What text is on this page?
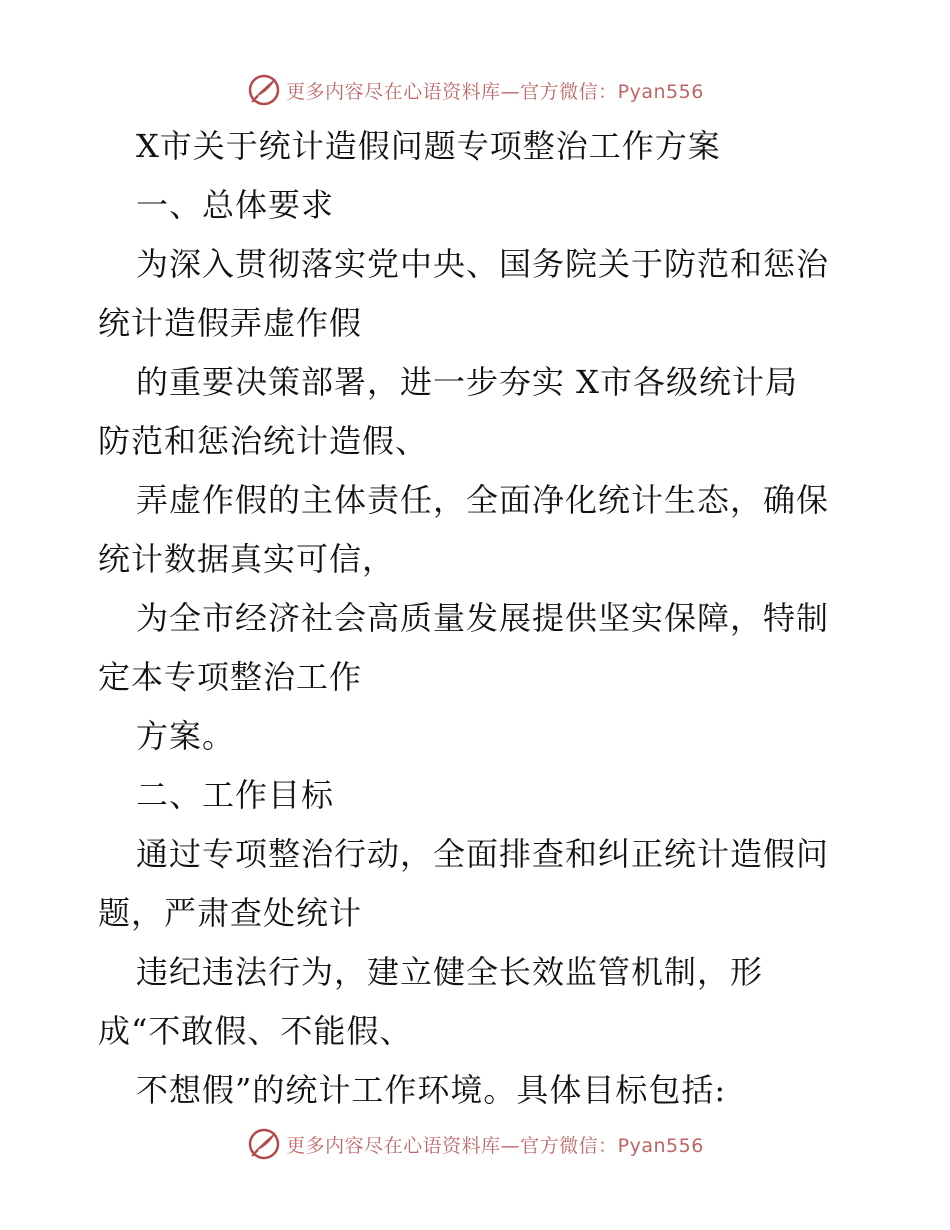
更多内容尽在心语资料库—官方微信：Pyan556
X市关于统计造假问题专项整治工作方案
一、总体要求
为深入贯彻落实党中央、国务院关于防范和惩治
统计造假弄虚作假
的重要决策部署，进一步夯实 X市各级统计局
防范和惩治统计造假、
弄虚作假的主体责任，全面净化统计生态，确保
统计数据真实可信，
为全市经济社会高质量发展提供坚实保障，特制
定本专项整治工作
方案。
二、工作目标
通过专项整治行动，全面排查和纠正统计造假问
题，严肃查处统计
违纪违法行为，建立健全长效监管机制，形
成“不敢假、不能假、
不想假”的统计工作环境。具体目标包括:
更多内容尽在心语资料库—官方微信：Pyan556
